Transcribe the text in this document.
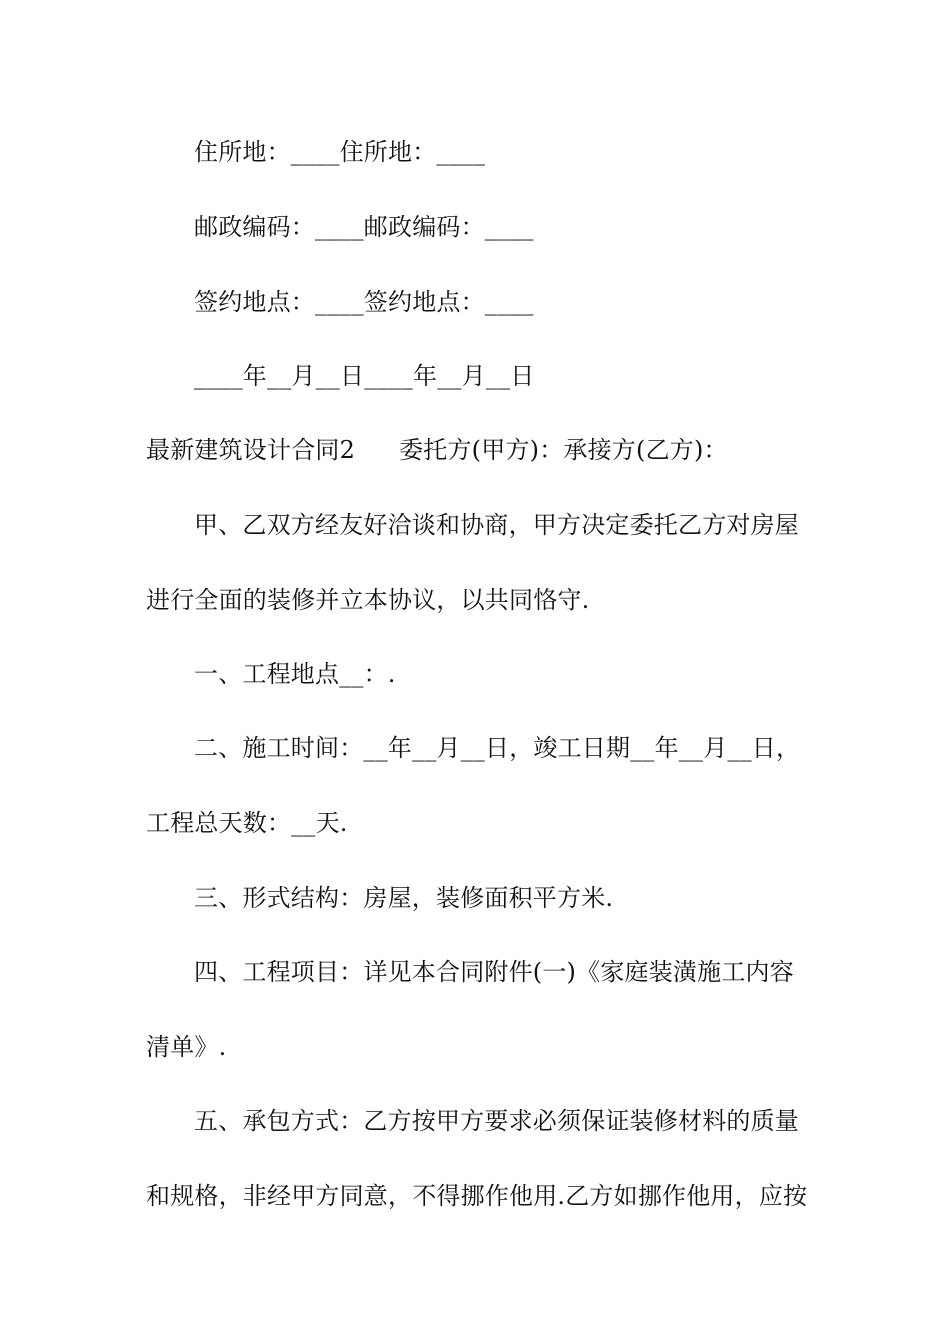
住所地：____住所地：____
邮政编码：____邮政编码：____
签约地点：____签约地点：____
____年__月__日____年__月__日
最新建筑设计合同2 委托方(甲方)：承接方(乙方)：
甲、乙双方经友好洽谈和协商，甲方决定委托乙方对房屋
进行全面的装修并立本协议，以共同恪守.
一、工程地点__：.
二、施工时间：__年__月__日，竣工日期__年__月__日，
工程总天数：__天.
三、形式结构：房屋，装修面积平方米.
四、工程项目：详见本合同附件(一)《家庭装潢施工内容
清单》.
五、承包方式：乙方按甲方要求必须保证装修材料的质量
和规格，非经甲方同意，不得挪作他用.乙方如挪作他用，应按
